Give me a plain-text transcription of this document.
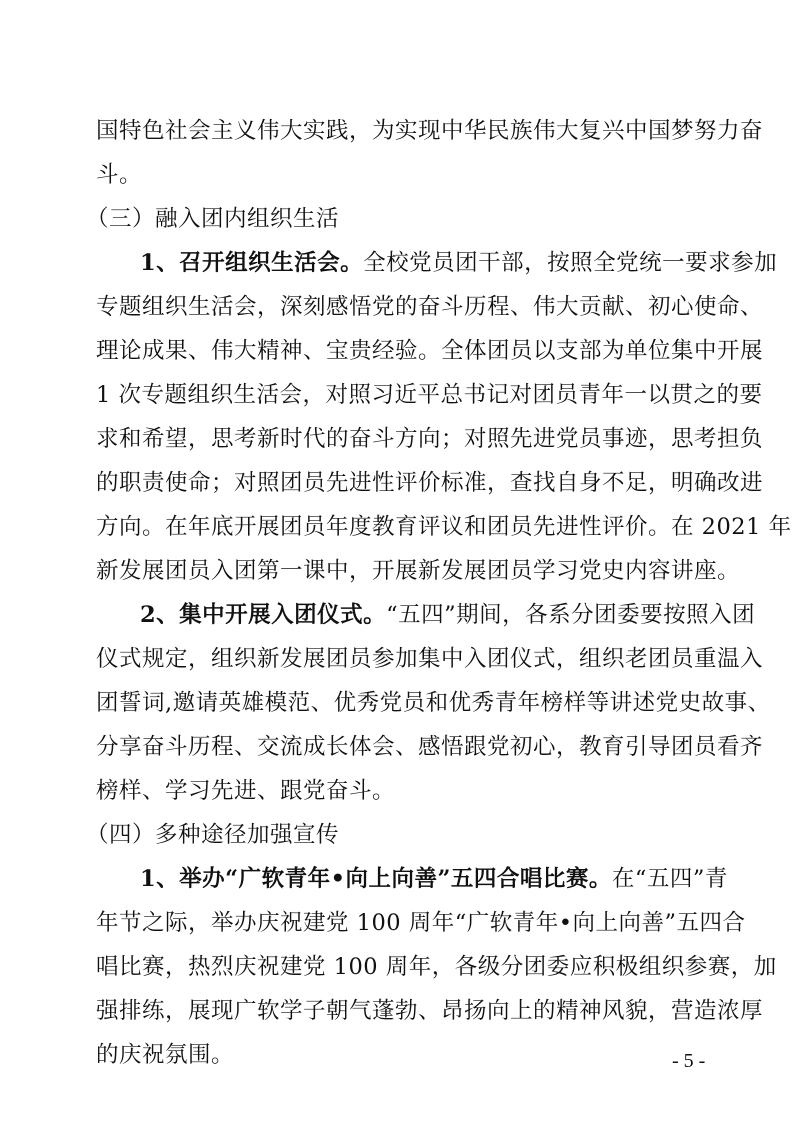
国特色社会主义伟大实践，为实现中华民族伟大复兴中国梦努力奋
斗。
（三）融入团内组织生活
1、召开组织生活会。全校党员团干部，按照全党统一要求参加
专题组织生活会，深刻感悟党的奋斗历程、伟大贡献、初心使命、
理论成果、伟大精神、宝贵经验。全体团员以支部为单位集中开展
1 次专题组织生活会，对照习近平总书记对团员青年一以贯之的要
求和希望，思考新时代的奋斗方向；对照先进党员事迹，思考担负
的职责使命；对照团员先进性评价标准，查找自身不足，明确改进
方向。在年底开展团员年度教育评议和团员先进性评价。在 2021 年
新发展团员入团第一课中，开展新发展团员学习党史内容讲座。
2、集中开展入团仪式。“五四”期间，各系分团委要按照入团
仪式规定，组织新发展团员参加集中入团仪式，组织老团员重温入
团誓词,邀请英雄模范、优秀党员和优秀青年榜样等讲述党史故事、
分享奋斗历程、交流成长体会、感悟跟党初心，教育引导团员看齐
榜样、学习先进、跟党奋斗。
（四）多种途径加强宣传
1、举办“广软青年•向上向善”五四合唱比赛。在“五四”青
年节之际，举办庆祝建党 100 周年“广软青年•向上向善”五四合
唱比赛，热烈庆祝建党 100 周年，各级分团委应积极组织参赛，加
强排练，展现广软学子朝气蓬勃、昂扬向上的精神风貌，营造浓厚
的庆祝氛围。	- 5 -
